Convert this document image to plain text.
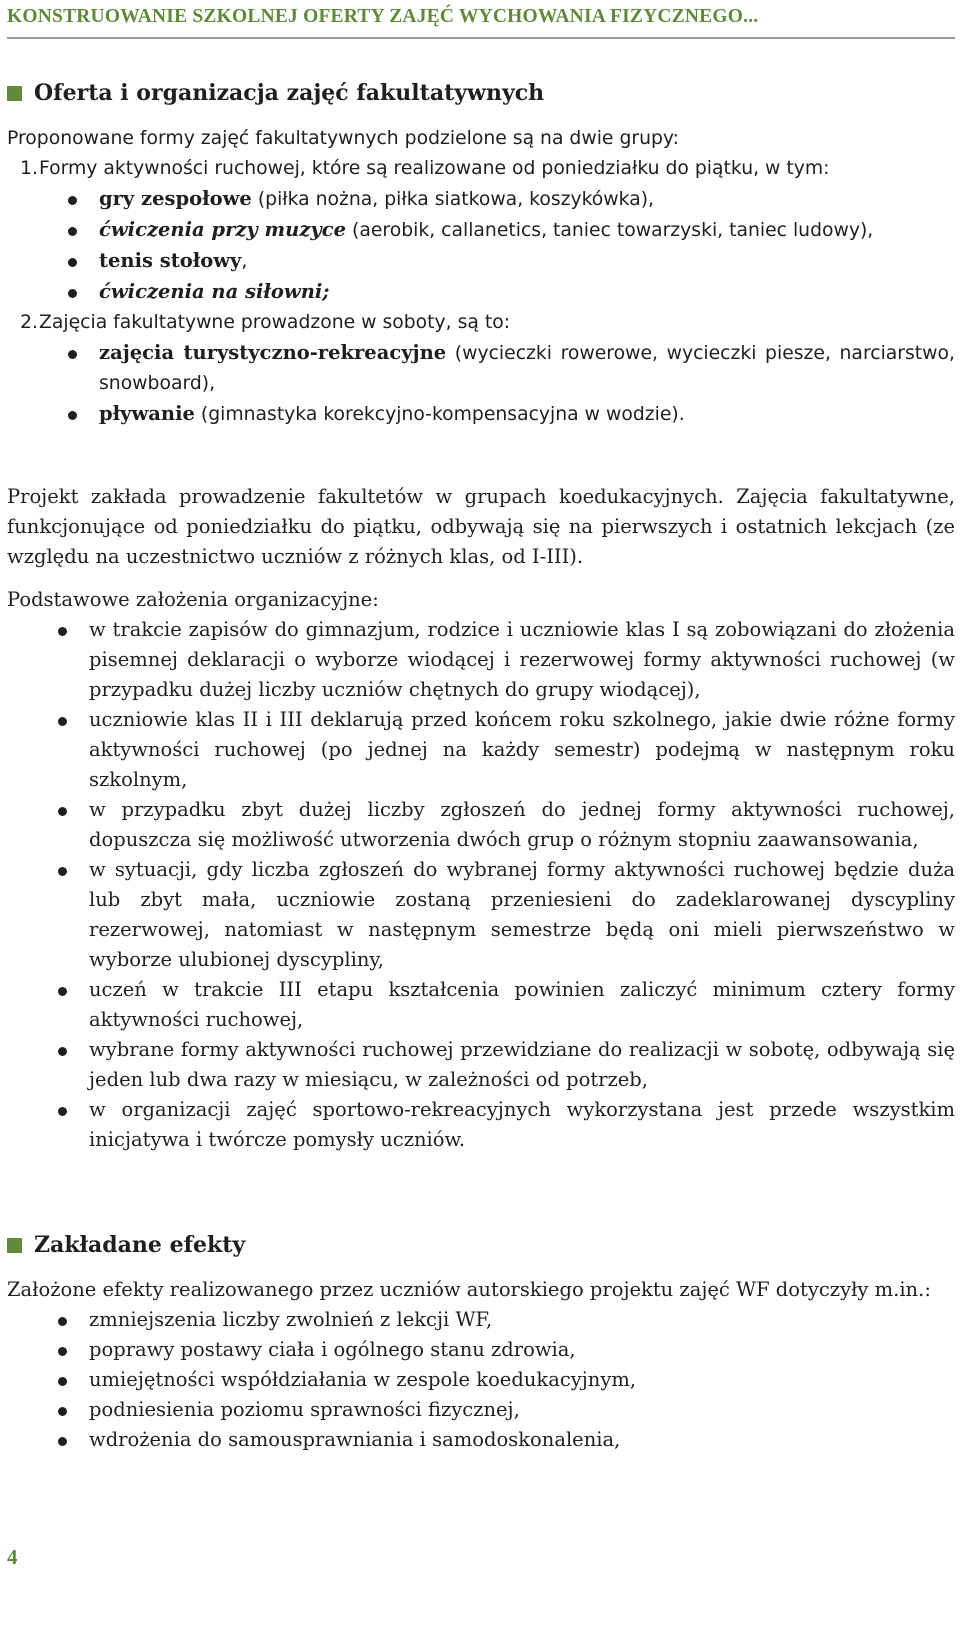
KONSTRUOWANIE SZKOLNEJ OFERTY ZAJĘĆ WYCHOWANIA FIZYCZNEGO...
Oferta i organizacja zajęć fakultatywnych

Proponowane formy zajęć fakultatywnych podzielone są na dwie grupy:

1. Formy aktywności ruchowej, które są realizowane od poniedziałku do piątku, w tym:
gry zespołowe (piłka nożna, piłka siatkowa, koszykówka),
ćwiczenia przy muzyce (aerobik, callanetics, taniec towarzyski, taniec ludowy),
tenis stołowy,
ćwiczenia na siłowni;
2. Zajęcia fakultatywne prowadzone w soboty, są to:
zajęcia turystyczno-rekreacyjne (wycieczki rowerowe, wycieczki piesze, narciarstwo, snowboard),
pływanie (gimnastyka korekcyjno-kompensacyjna w wodzie).

Projekt zakłada prowadzenie fakultetów w grupach koedukacyjnych. Zajęcia fakultatywne, funkcjonujące od poniedziałku do piątku, odbywają się na pierwszych i ostatnich lekcjach (ze względu na uczestnictwo uczniów z różnych klas, od I-III).

Podstawowe założenia organizacyjne:

w trakcie zapisów do gimnazjum, rodzice i uczniowie klas I są zobowiązani do złożenia pisemnej deklaracji o wyborze wiodącej i rezerwowej formy aktywności ruchowej (w przypadku dużej liczby uczniów chętnych do grupy wiodącej),
uczniowie klas II i III deklarują przed końcem roku szkolnego, jakie dwie różne formy aktywności ruchowej (po jednej na każdy semestr) podejmą w następnym roku szkolnym,
w przypadku zbyt dużej liczby zgłoszeń do jednej formy aktywności ruchowej, dopuszcza się możliwość utworzenia dwóch grup o różnym stopniu zaawansowania,
w sytuacji, gdy liczba zgłoszeń do wybranej formy aktywności ruchowej będzie duża lub zbyt mała, uczniowie zostaną przeniesieni do zadeklarowanej dyscypliny rezerwowej, natomiast w następnym semestrze będą oni mieli pierwszeństwo w wyborze ulubionej dyscypliny,
uczeń w trakcie III etapu kształcenia powinien zaliczyć minimum cztery formy aktywności ruchowej,
wybrane formy aktywności ruchowej przewidziane do realizacji w sobotę, odbywają się jeden lub dwa razy w miesiącu, w zależności od potrzeb,
w organizacji zajęć sportowo-rekreacyjnych wykorzystana jest przede wszystkim inicjatywa i twórcze pomysły uczniów.
Zakładane efekty

Założone efekty realizowanego przez uczniów autorskiego projektu zajęć WF dotyczyły m.in.:

zmniejszenia liczby zwolnień z lekcji WF,
poprawy postawy ciała i ogólnego stanu zdrowia,
umiejętności współdziałania w zespole koedukacyjnym,
podniesienia poziomu sprawności fizycznej,
wdrożenia do samousprawniania i samodoskonalenia,
4
